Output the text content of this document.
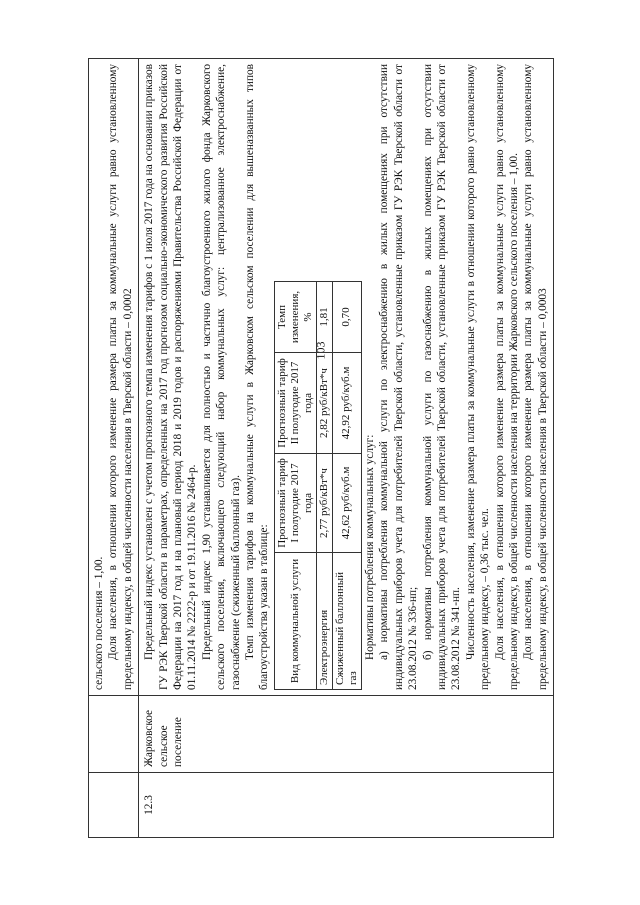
103

сельского поселения – 1,00. Доля населения, в отношении которого изменение размера платы за коммунальные услуги равно установленному предельному индексу, в общей численности населения в Тверской области – 0,0002

12.3	Жарковское сельское поселение	

Предельный индекс установлен с учетом прогнозного темпа изменения тарифов с 1 июля 2017 года на основании приказов ГУ РЭК Тверской области в параметрах, определенных на 2017 год прогнозом социально-экономического развития Российской Федерации на 2017 год и на плановый период 2018 и 2019 годов и распоряжениями Правительства Российской Федерации от 01.11.2014 № 2222-р и от 19.11.2016 № 2464-р. Предельный индекс 1,90 устанавливается для полностью и частично благоустроенного жилого фонда Жарковского сельского поселения, включающего следующий набор коммунальных услуг: централизованное электроснабжение, газоснабжение (сжиженный баллонный газ). Темп изменения тарифов на коммунальные услуги в Жарковском сельском поселении для вышеназванных типов благоустройства указан в таблице: Вид коммунальной услуги	Прогнозный тариф I полугодие 2017 года	Прогнозный тариф II полугодие 2017 года	Темп изменения, %
Электроэнергия	2,77 руб/кВт*ч	2,82 руб/кВт*ч	1,81
Сжиженный баллонный газ	42,62 руб/куб.м	42,92 руб/куб.м	0,70

Нормативы потребления коммунальных услуг: а) нормативы потребления коммунальной услуги по электроснабжению в жилых помещениях при отсутствии индивидуальных приборов учета для потребителей Тверской области, установленные приказом ГУ РЭК Тверской области от 23.08.2012 № 336-нп; б) нормативы потребления коммунальной услуги по газоснабжению в жилых помещениях при отсутствии индивидуальных приборов учета для потребителей Тверской области, установленные приказом ГУ РЭК Тверской области от 23.08.2012 № 341-нп. Численность населения, изменение размера платы за коммунальные услуги в отношении которого равно установленному предельному индексу, – 0,36 тыс. чел. Доля населения, в отношении которого изменение размера платы за коммунальные услуги равно установленному предельному индексу, в общей численности населения на территории Жарковского сельского поселения – 1,00. Доля населения, в отношении которого изменение размера платы за коммунальные услуги равно установленному предельному индексу, в общей численности населения в Тверской области – 0,0003
